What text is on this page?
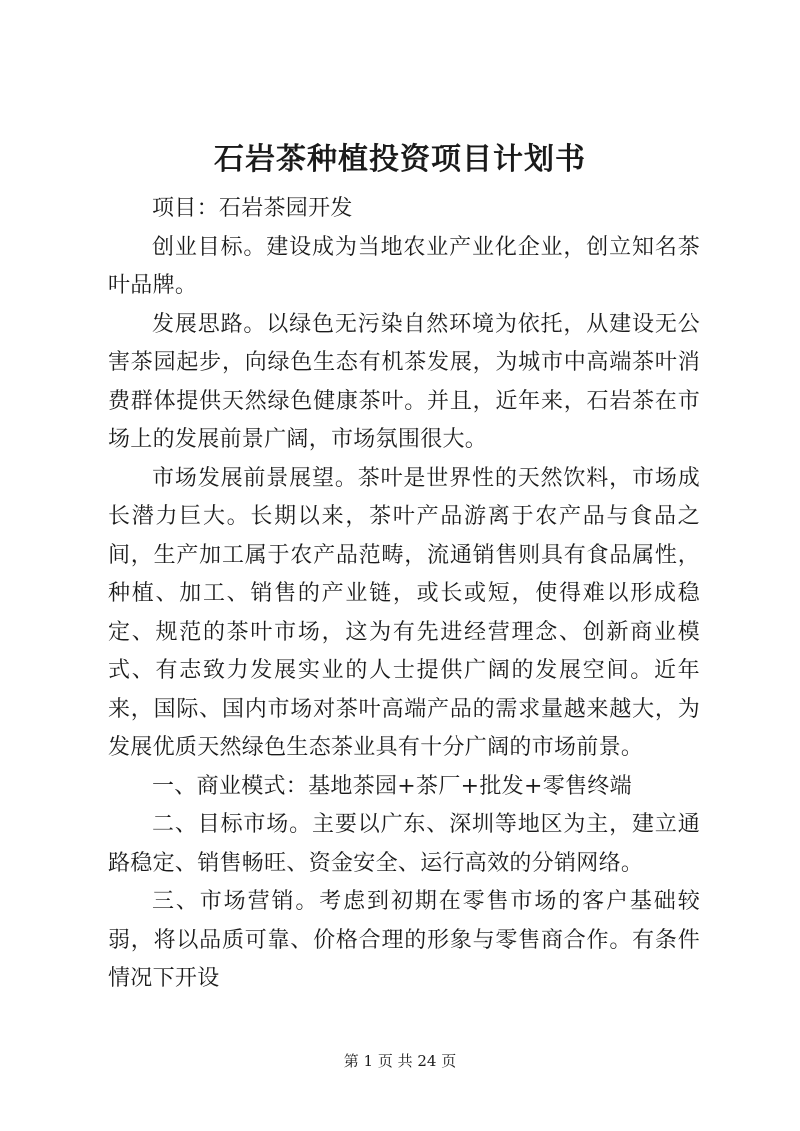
石岩茶种植投资项目计划书

项目：石岩茶园开发

创业目标。建设成为当地农业产业化企业，创立知名茶叶品牌。

发展思路。以绿色无污染自然环境为依托，从建设无公害茶园起步，向绿色生态有机茶发展，为城市中高端茶叶消费群体提供天然绿色健康茶叶。并且，近年来，石岩茶在市场上的发展前景广阔，市场氛围很大。

市场发展前景展望。茶叶是世界性的天然饮料，市场成长潜力巨大。长期以来，茶叶产品游离于农产品与食品之间，生产加工属于农产品范畴，流通销售则具有食品属性，种植、加工、销售的产业链，或长或短，使得难以形成稳定、规范的茶叶市场，这为有先进经营理念、创新商业模式、有志致力发展实业的人士提供广阔的发展空间。近年来，国际、国内市场对茶叶高端产品的需求量越来越大，为发展优质天然绿色生态茶业具有十分广阔的市场前景。

一、商业模式：基地茶园+茶厂+批发+零售终端

二、目标市场。主要以广东、深圳等地区为主，建立通路稳定、销售畅旺、资金安全、运行高效的分销网络。

三、市场营销。考虑到初期在零售市场的客户基础较弱，将以品质可靠、价格合理的形象与零售商合作。有条件情况下开设

第 1 页 共 24 页
